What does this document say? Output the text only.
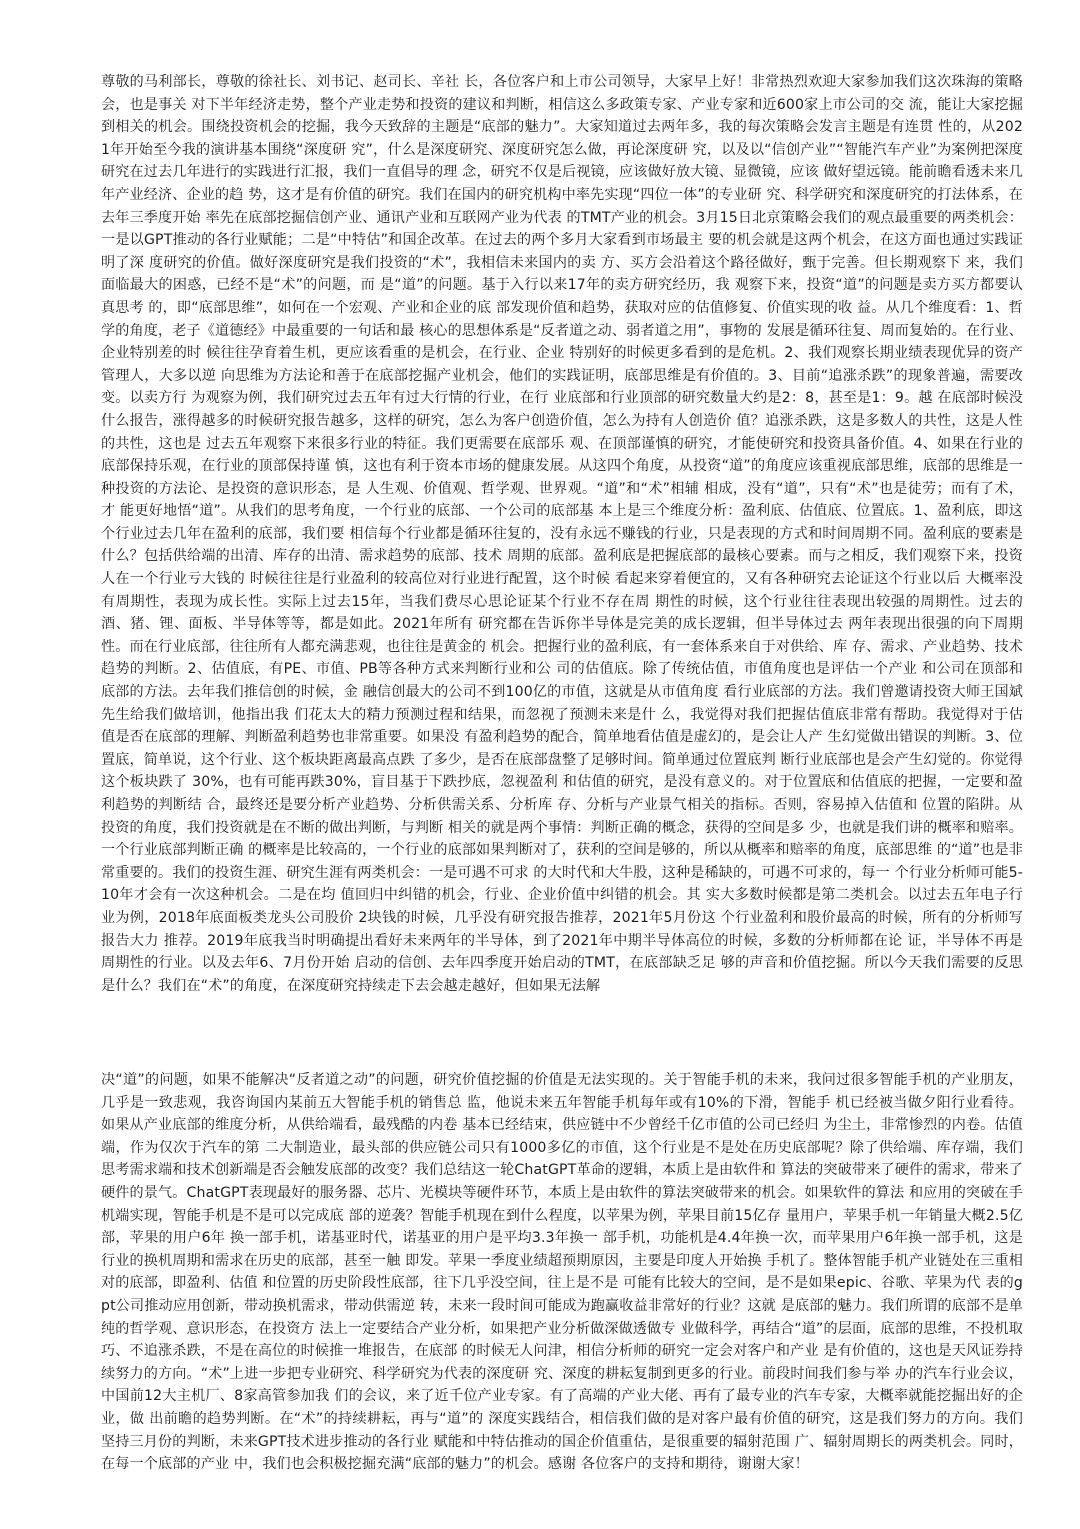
尊敬的马利部长，尊敬的徐社长、刘书记、赵司长、辛社 长，各位客户和上市公司领导，大家早上好！非常热烈欢迎大家参加我们这次珠海的策略会，也是事关 对下半年经济走势，整个产业走势和投资的建议和判断，相信这么多政策专家、产业专家和近600家上市公司的交 流，能让大家挖掘到相关的机会。围绕投资机会的挖掘，我今天致辞的主题是“底部的魅力”。大家知道过去两年多，我的每次策略会发言主题是有连贯 性的，从2021年开始至今我的演讲基本围绕“深度研 究”，什么是深度研究、深度研究怎么做，再论深度研 究，以及以“信创产业”“智能汽车产业”为案例把深度 研究在过去几年进行的实践进行汇报，我们一直倡导的理 念，研究不仅是后视镜，应该做好放大镜、显微镜，应该 做好望远镜。能前瞻看透未来几年产业经济、企业的趋 势，这才是有价值的研究。我们在国内的研究机构中率先实现“四位一体”的专业研 究、科学研究和深度研究的打法体系，在去年三季度开始 率先在底部挖掘信创产业、通讯产业和互联网产业为代表 的TMT产业的机会。3月15日北京策略会我们的观点最重要的两类机会：一是以GPT推动的各行业赋能；二是“中特估”和国企改革。在过去的两个多月大家看到市场最主 要的机会就是这两个机会，在这方面也通过实践证明了深 度研究的价值。做好深度研究是我们投资的“术”，我相信未来国内的卖 方、买方会沿着这个路径做好，甄于完善。但长期观察下 来，我们面临最大的困惑，已经不是“术”的问题，而 是“道”的问题。基于入行以来17年的卖方研究经历，我 观察下来，投资“道”的问题是卖方买方都要认真思考 的，即“底部思维”，如何在一个宏观、产业和企业的底 部发现价值和趋势，获取对应的估值修复、价值实现的收 益。从几个维度看：1、哲学的角度，老子《道德经》中最重要的一句话和最 核心的思想体系是“反者道之动、弱者道之用”，事物的 发展是循环往复、周而复始的。在行业、企业特别差的时 候往往孕育着生机，更应该看重的是机会，在行业、企业 特别好的时候更多看到的是危机。2、我们观察长期业绩表现优异的资产管理人，大多以逆 向思维为方法论和善于在底部挖掘产业机会，他们的实践证明，底部思维是有价值的。3、目前“追涨杀跌”的现象普遍，需要改变。以卖方行 为观察为例，我们研究过去五年有过大行情的行业，在行 业底部和行业顶部的研究数量大约是2：8，甚至是1：9。越 在底部时候没什么报告，涨得越多的时候研究报告越多，这样的研究，怎么为客户创造价值，怎么为持有人创造价 值？追涨杀跌，这是多数人的共性，这是人性的共性，这也是 过去五年观察下来很多行业的特征。我们更需要在底部乐 观、在顶部谨慎的研究，才能使研究和投资具备价值。4、如果在行业的底部保持乐观，在行业的顶部保持谨 慎，这也有利于资本市场的健康发展。从这四个角度，从投资“道”的角度应该重视底部思维，底部的思维是一种投资的方法论、是投资的意识形态，是 人生观、价值观、哲学观、世界观。“道”和“术”相辅 相成，没有“道”，只有“术”也是徒劳；而有了术，才 能更好地悟“道”。从我们的思考角度，一个行业的底部、一个公司的底部基 本上是三个维度分析：盈利底、估值底、位置底。1、盈利底，即这个行业过去几年在盈利的底部，我们要 相信每个行业都是循环往复的，没有永远不赚钱的行业，只是表现的方式和时间周期不同。盈利底的要素是什么？包括供给端的出清、库存的出清、需求趋势的底部、技术 周期的底部。盈利底是把握底部的最核心要素。而与之相反，我们观察下来，投资人在一个行业亏大钱的 时候往往是行业盈利的较高位对行业进行配置，这个时候 看起来穿着便宜的，又有各种研究去论证这个行业以后 大概率没有周期性，表现为成长性。实际上过去15年，当我们费尽心思论证某个行业不存在周 期性的时候，这个行业往往表现出较强的周期性。过去的 酒、猪、锂、面板、半导体等等，都是如此。2021年所有 研究都在告诉你半导体是完美的成长逻辑，但半导体过去 两年表现出很强的向下周期性。而在行业底部，往往所有人都充满悲观，也往往是黄金的 机会。把握行业的盈利底，有一套体系来自于对供给、库 存、需求、产业趋势、技术趋势的判断。2、估值底，有PE、市值、PB等各种方式来判断行业和公 司的估值底。除了传统估值，市值角度也是评估一个产业 和公司在顶部和底部的方法。去年我们推信创的时候，金 融信创最大的公司不到100亿的市值，这就是从市值角度 看行业底部的方法。我们曾邀请投资大师王国斌先生给我们做培训，他指出我 们花太大的精力预测过程和结果，而忽视了预测未来是什 么，我觉得对我们把握估值底非常有帮助。我觉得对于估 值是否在底部的理解、判断盈利趋势也非常重要。如果没 有盈利趋势的配合，简单地看估值是虚幻的，是会让人产 生幻觉做出错误的判断。3、位置底，简单说，这个行业、这个板块距离最高点跌 了多少，是否在底部盘整了足够时间。简单通过位置底判 断行业底部也是会产生幻觉的。你觉得这个板块跌了 30%，也有可能再跌30%，盲目基于下跌抄底，忽视盈利 和估值的研究，是没有意义的。对于位置底和估值底的把握，一定要和盈利趋势的判断结 合，最终还是要分析产业趋势、分析供需关系、分析库 存、分析与产业景气相关的指标。否则，容易掉入估值和 位置的陷阱。从投资的角度，我们投资就是在不断的做出判断，与判断 相关的就是两个事情：判断正确的概念，获得的空间是多 少，也就是我们讲的概率和赔率。一个行业底部判断正确 的概率是比较高的，一个行业的底部如果判断对了，获利的空间是够的，所以从概率和赔率的角度，底部思维 的“道”也是非常重要的。我们的投资生涯、研究生涯有两类机会：一是可遇不可求 的大时代和大牛股，这种是稀缺的，可遇不可求的，每一 个行业分析师可能5-10年才会有一次这种机会。二是在均 值回归中纠错的机会，行业、企业价值中纠错的机会。其 实大多数时候都是第二类机会。以过去五年电子行业为例，2018年底面板类龙头公司股价 2块钱的时候，几乎没有研究报告推荐，2021年5月份这 个行业盈利和股价最高的时候，所有的分析师写报告大力 推荐。2019年底我当时明确提出看好未来两年的半导体，到了2021年中期半导体高位的时候，多数的分析师都在论 证，半导体不再是周期性的行业。以及去年6、7月份开始 启动的信创、去年四季度开始启动的TMT，在底部缺乏足 够的声音和价值挖掘。所以今天我们需要的反思是什么？我们在“术”的角度，在深度研究持续走下去会越走越好，但如果无法解

决“道”的问题，如果不能解决“反者道之动”的问题，研究价值挖掘的价值是无法实现的。关于智能手机的未来，我问过很多智能手机的产业朋友，几乎是一致悲观，我咨询国内某前五大智能手机的销售总 监，他说未来五年智能手机每年或有10%的下滑，智能手 机已经被当做夕阳行业看待。如果从产业底部的维度分析，从供给端看，最残酷的内卷 基本已经结束，供应链中不少曾经千亿市值的公司已经归 为尘土，非常惨烈的内卷。估值端，作为仅次于汽车的第 二大制造业，最头部的供应链公司只有1000多亿的市值，这个行业是不是处在历史底部呢？除了供给端、库存端，我们思考需求端和技术创新端是否会触发底部的改变？我们总结这一轮ChatGPT革命的逻辑，本质上是由软件和 算法的突破带来了硬件的需求，带来了硬件的景气。ChatGPT表现最好的服务器、芯片、光模块等硬件环节，本质上是由软件的算法突破带来的机会。如果软件的算法 和应用的突破在手机端实现，智能手机是不是可以完成底 部的逆袭？智能手机现在到什么程度，以苹果为例，苹果目前15亿存 量用户，苹果手机一年销量大概2.5亿部，苹果的用户6年 换一部手机，诺基亚时代，诺基亚的用户是平均3.3年换一 部手机，功能机是4.4年换一次，而苹果用户6年换一部手机，这是行业的换机周期和需求在历史的底部，甚至一触 即发。苹果一季度业绩超预期原因，主要是印度人开始换 手机了。整体智能手机产业链处在三重相对的底部，即盈利、估值 和位置的历史阶段性底部，往下几乎没空间，往上是不是 可能有比较大的空间，是不是如果epic、谷歌、苹果为代 表的gpt公司推动应用创新，带动换机需求，带动供需逆 转，未来一段时间可能成为跑赢收益非常好的行业？这就 是底部的魅力。我们所谓的底部不是单纯的哲学观、意识形态，在投资方 法上一定要结合产业分析，如果把产业分析做深做透做专 业做科学，再结合“道”的层面，底部的思维，不投机取 巧、不追涨杀跌，不是在高位的时候推一堆报告，在底部 的时候无人问津，相信分析师的研究一定会对客户和产业 是有价值的，这也是天风证券持续努力的方向。“术”上进一步把专业研究、科学研究为代表的深度研 究、深度的耕耘复制到更多的行业。前段时间我们参与举 办的汽车行业会议，中国前12大主机厂、8家高管参加我 们的会议，来了近千位产业专家。有了高端的产业大佬、再有了最专业的汽车专家，大概率就能挖掘出好的企业，做 出前瞻的趋势判断。在“术”的持续耕耘，再与“道”的 深度实践结合，相信我们做的是对客户最有价值的研究，这是我们努力的方向。我们坚持三月份的判断，未来GPT技术进步推动的各行业 赋能和中特估推动的国企价值重估，是很重要的辐射范围 广、辐射周期长的两类机会。同时，在每一个底部的产业 中，我们也会积极挖掘充满“底部的魅力”的机会。感谢 各位客户的支持和期待，谢谢大家！
